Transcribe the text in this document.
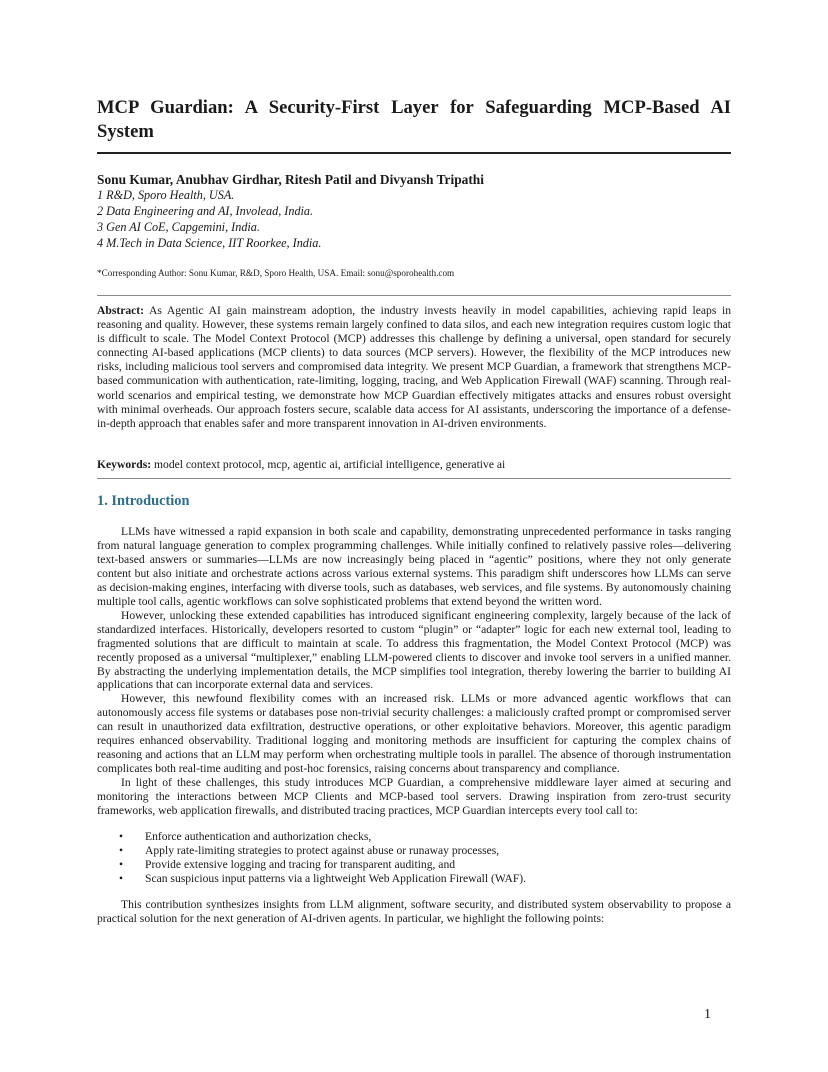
MCP Guardian: A Security-First Layer for Safeguarding MCP-Based AI System

Sonu Kumar, Anubhav Girdhar, Ritesh Patil and Divyansh Tripathi

1 R&D, Sporo Health, USA.
2 Data Engineering and AI, Involead, India.
3 Gen AI CoE, Capgemini, India.
4 M.Tech in Data Science, IIT Roorkee, India.
*Corresponding Author: Sonu Kumar, R&D, Sporo Health, USA. Email: sonu@sporohealth.com

Abstract: As Agentic AI gain mainstream adoption, the industry invests heavily in model capabilities, achieving rapid leaps in reasoning and quality. However, these systems remain largely confined to data silos, and each new integration requires custom logic that is difficult to scale. The Model Context Protocol (MCP) addresses this challenge by defining a universal, open standard for securely connecting AI-based applications (MCP clients) to data sources (MCP servers). However, the flexibility of the MCP introduces new risks, including malicious tool servers and compromised data integrity. We present MCP Guardian, a framework that strengthens MCP-based communication with authentication, rate-limiting, logging, tracing, and Web Application Firewall (WAF) scanning. Through real-world scenarios and empirical testing, we demonstrate how MCP Guardian effectively mitigates attacks and ensures robust oversight with minimal overheads. Our approach fosters secure, scalable data access for AI assistants, underscoring the importance of a defense-in-depth approach that enables safer and more transparent innovation in AI-driven environments.

Keywords: model context protocol, mcp, agentic ai, artificial intelligence, generative ai

1. Introduction

LLMs have witnessed a rapid expansion in both scale and capability, demonstrating unprecedented performance in tasks ranging from natural language generation to complex programming challenges. While initially confined to relatively passive roles—delivering text-based answers or summaries—LLMs are now increasingly being placed in “agentic” positions, where they not only generate content but also initiate and orchestrate actions across various external systems. This paradigm shift underscores how LLMs can serve as decision-making engines, interfacing with diverse tools, such as databases, web services, and file systems. By autonomously chaining multiple tool calls, agentic workflows can solve sophisticated problems that extend beyond the written word.

However, unlocking these extended capabilities has introduced significant engineering complexity, largely because of the lack of standardized interfaces. Historically, developers resorted to custom “plugin” or “adapter” logic for each new external tool, leading to fragmented solutions that are difficult to maintain at scale. To address this fragmentation, the Model Context Protocol (MCP) was recently proposed as a universal “multiplexer,” enabling LLM-powered clients to discover and invoke tool servers in a unified manner. By abstracting the underlying implementation details, the MCP simplifies tool integration, thereby lowering the barrier to building AI applications that can incorporate external data and services.

However, this newfound flexibility comes with an increased risk. LLMs or more advanced agentic workflows that can autonomously access file systems or databases pose non-trivial security challenges: a maliciously crafted prompt or compromised server can result in unauthorized data exfiltration, destructive operations, or other exploitative behaviors. Moreover, this agentic paradigm requires enhanced observability. Traditional logging and monitoring methods are insufficient for capturing the complex chains of reasoning and actions that an LLM may perform when orchestrating multiple tools in parallel. The absence of thorough instrumentation complicates both real-time auditing and post-hoc forensics, raising concerns about transparency and compliance.

In light of these challenges, this study introduces MCP Guardian, a comprehensive middleware layer aimed at securing and monitoring the interactions between MCP Clients and MCP-based tool servers. Drawing inspiration from zero-trust security frameworks, web application firewalls, and distributed tracing practices, MCP Guardian intercepts every tool call to:

• Enforce authentication and authorization checks,
• Apply rate-limiting strategies to protect against abuse or runaway processes,
• Provide extensive logging and tracing for transparent auditing, and
• Scan suspicious input patterns via a lightweight Web Application Firewall (WAF).

This contribution synthesizes insights from LLM alignment, software security, and distributed system observability to propose a practical solution for the next generation of AI-driven agents. In particular, we highlight the following points:

1
